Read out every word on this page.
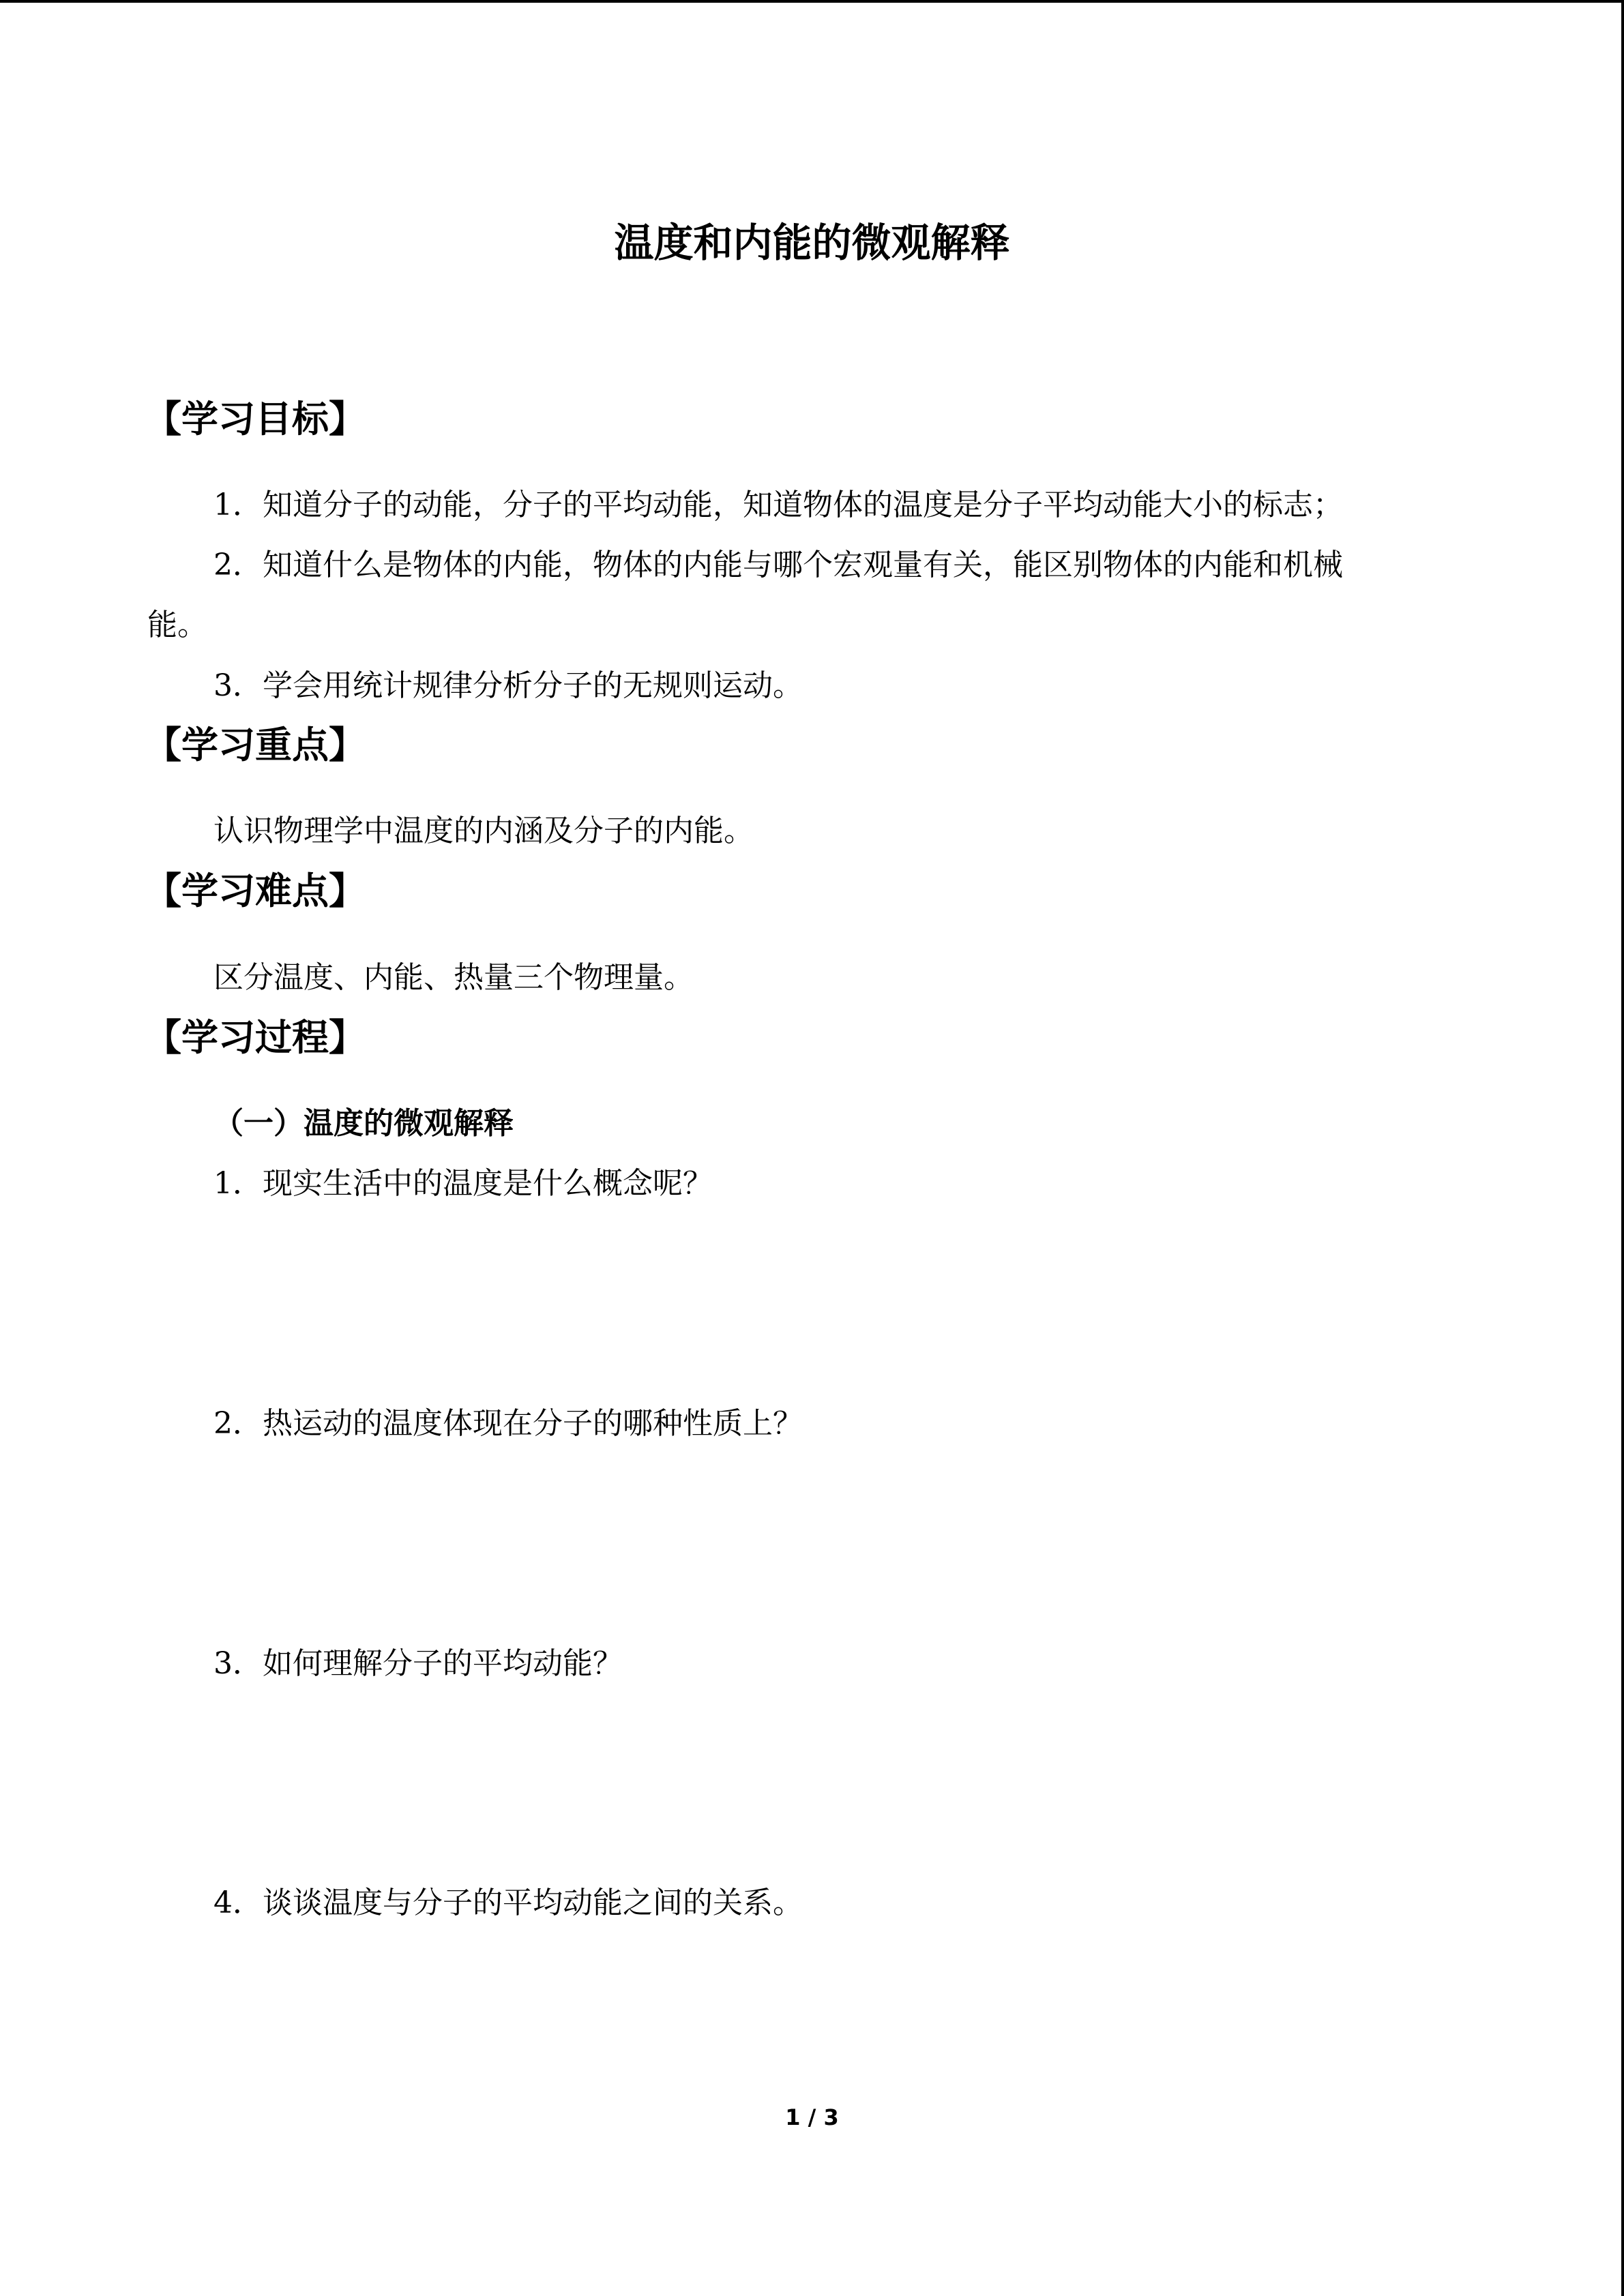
温度和内能的微观解释
【学习目标】
1．知道分子的动能，分子的平均动能，知道物体的温度是分子平均动能大小的标志；
2．知道什么是物体的内能，物体的内能与哪个宏观量有关，能区别物体的内能和机械
能。
3．学会用统计规律分析分子的无规则运动。
【学习重点】
认识物理学中温度的内涵及分子的内能。
【学习难点】
区分温度、内能、热量三个物理量。
【学习过程】
（一）温度的微观解释
1．现实生活中的温度是什么概念呢？
2．热运动的温度体现在分子的哪种性质上？
3．如何理解分子的平均动能？
4．谈谈温度与分子的平均动能之间的关系。
1 / 3
